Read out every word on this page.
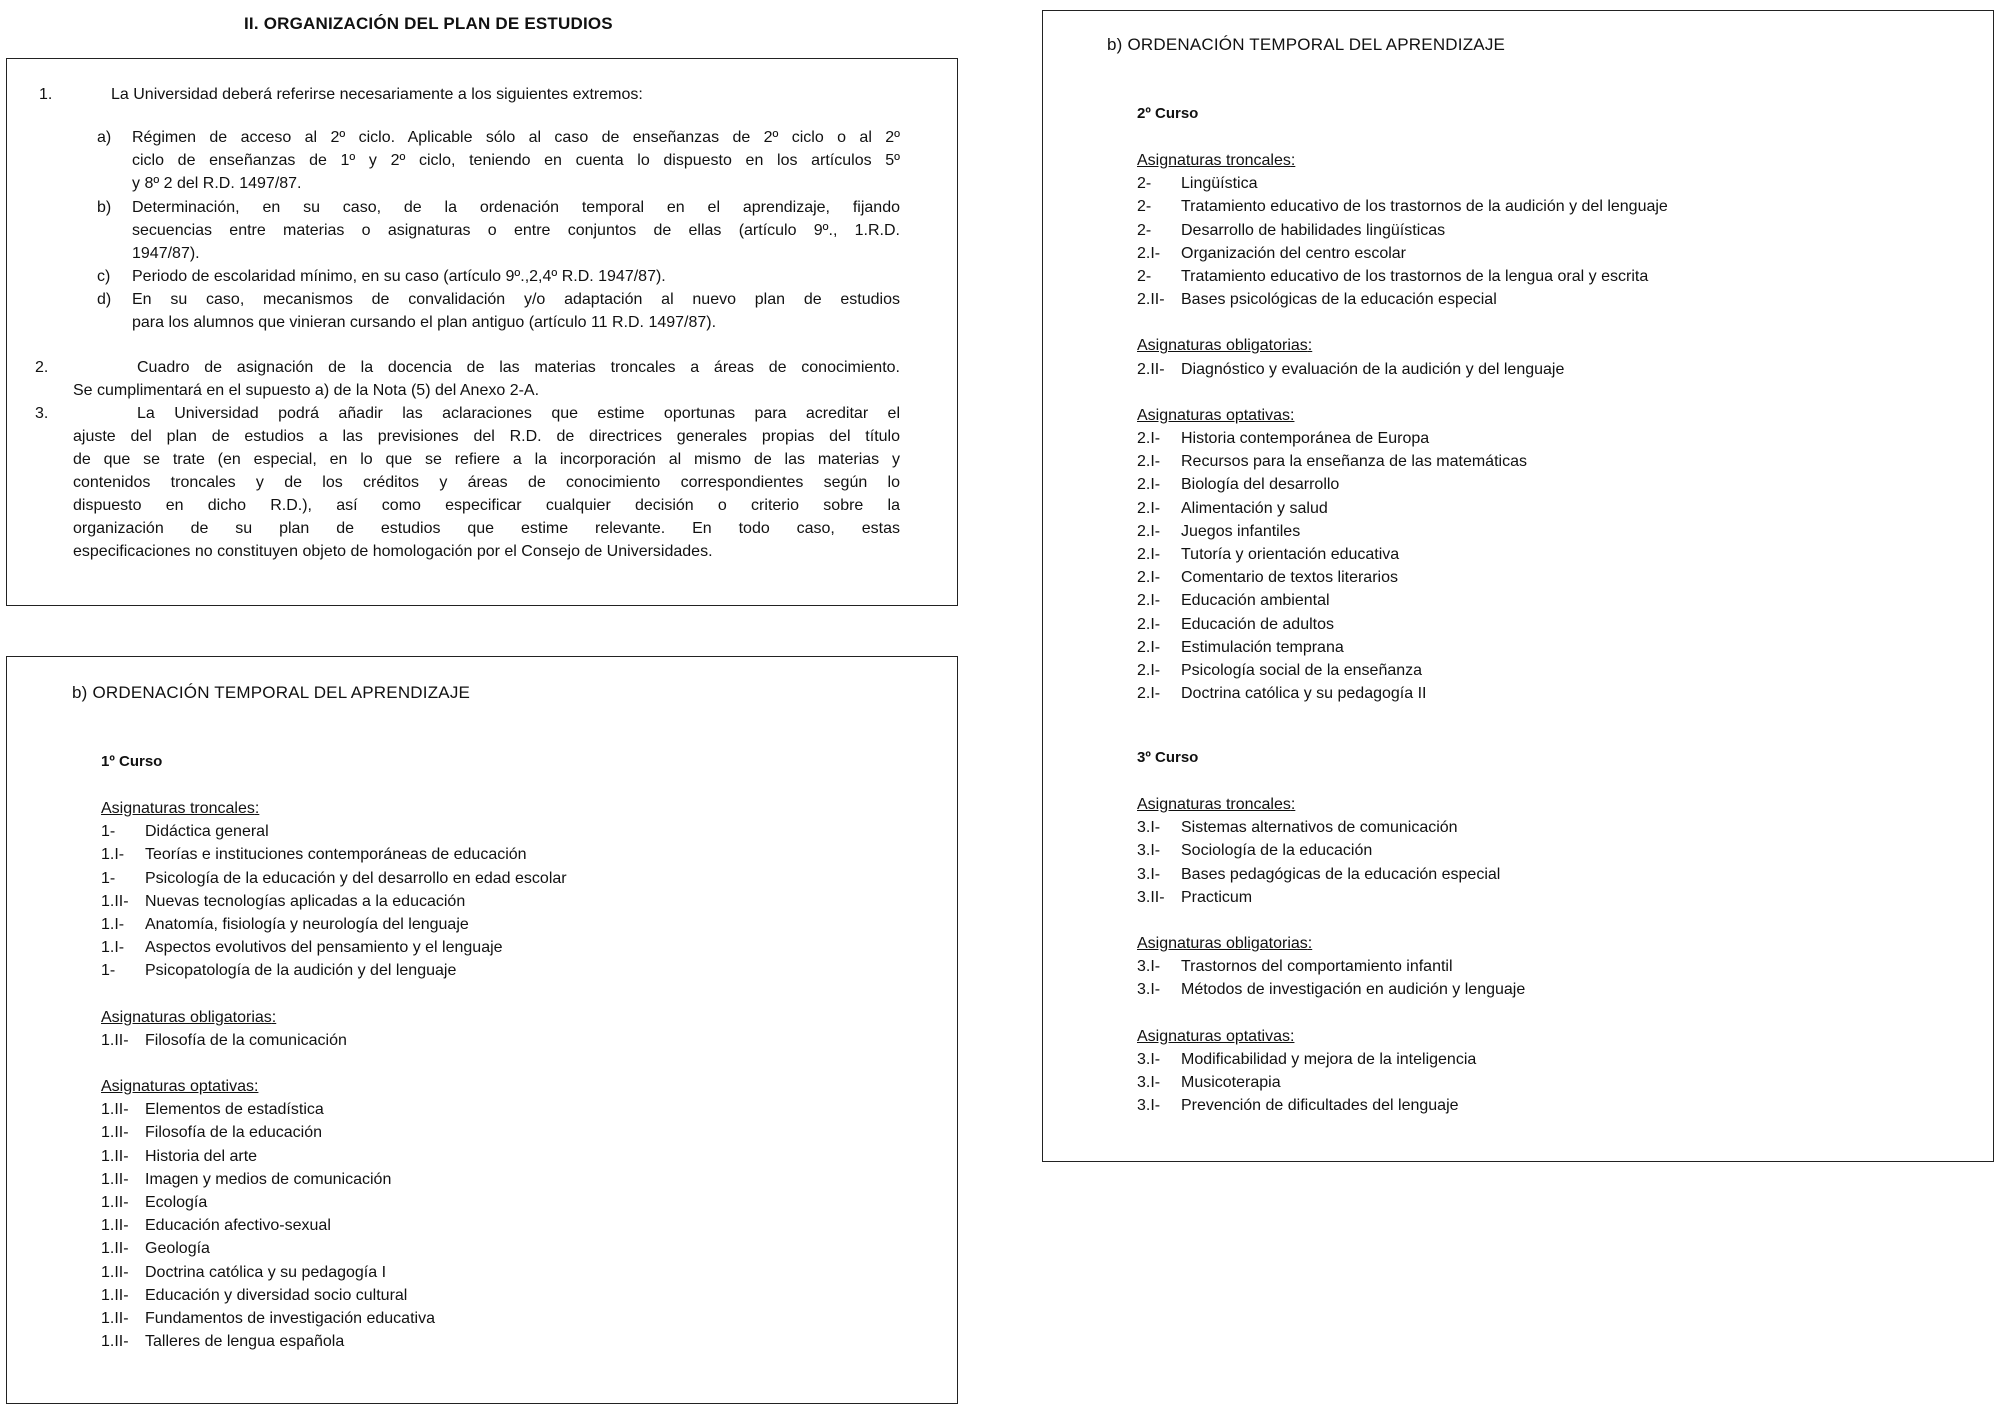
II. ORGANIZACIÓN DEL PLAN DE ESTUDIOS
1.	La Universidad deberá referirse necesariamente a los siguientes extremos:
a) Régimen de acceso al 2º ciclo. Aplicable sólo al caso de enseñanzas de 2º ciclo o al 2º
ciclo de enseñanzas de 1º y 2º ciclo, teniendo en cuenta lo dispuesto en los artículos 5º
y 8º 2 del R.D. 1497/87.
b) Determinación, en su caso, de la ordenación temporal en el aprendizaje, fijando
secuencias entre materias o asignaturas o entre conjuntos de ellas (artículo 9º., 1.R.D.
1947/87).
c) Periodo de escolaridad mínimo, en su caso (artículo 9º.,2,4º R.D. 1947/87).
d) En su caso, mecanismos de convalidación y/o adaptación al nuevo plan de estudios
para los alumnos que vinieran cursando el plan antiguo (artículo 11 R.D. 1497/87).
2.	Cuadro de asignación de la docencia de las materias troncales a áreas de conocimiento.
Se cumplimentará en el supuesto a) de la Nota (5) del Anexo 2-A.
3.	La Universidad podrá añadir las aclaraciones que estime oportunas para acreditar el
ajuste del plan de estudios a las previsiones del R.D. de directrices generales propias del título
de que se trate (en especial, en lo que se refiere a la incorporación al mismo de las materias y
contenidos troncales y de los créditos y áreas de conocimiento correspondientes según lo
dispuesto en dicho R.D.), así como especificar cualquier decisión o criterio sobre la
organización de su plan de estudios que estime relevante. En todo caso, estas
especificaciones no constituyen objeto de homologación por el Consejo de Universidades.
b) ORDENACIÓN TEMPORAL DEL APRENDIZAJE
1º Curso
Asignaturas troncales:
1-	Didáctica general
1.I-	Teorías e instituciones contemporáneas de educación
1-	Psicología de la educación y del desarrollo en edad escolar
1.II-	Nuevas tecnologías aplicadas a la educación
1.I-	Anatomía, fisiología y neurología del lenguaje
1.I-	Aspectos evolutivos del pensamiento y el lenguaje
1-	Psicopatología de la audición y del lenguaje
Asignaturas obligatorias:
1.II-	Filosofía de la comunicación
Asignaturas optativas:
1.II-	Elementos de estadística
1.II-	Filosofía de la educación
1.II-	Historia del arte
1.II-	Imagen y medios de comunicación
1.II-	Ecología
1.II-	Educación afectivo-sexual
1.II-	Geología
1.II-	Doctrina católica y su pedagogía I
1.II-	Educación y diversidad socio cultural
1.II-	Fundamentos de investigación educativa
1.II-	Talleres de lengua española
b) ORDENACIÓN TEMPORAL DEL APRENDIZAJE
2º Curso
Asignaturas troncales:
2-	Lingüística
2-	Tratamiento educativo de los trastornos de la audición y del lenguaje
2-	Desarrollo de habilidades lingüísticas
2.I-	Organización del centro escolar
2-	Tratamiento educativo de los trastornos de la lengua oral y escrita
2.II-	Bases psicológicas de la educación especial
Asignaturas obligatorias:
2.II-	Diagnóstico y evaluación de la audición y del lenguaje
Asignaturas optativas:
2.I-	Historia contemporánea de Europa
2.I-	Recursos para la enseñanza de las matemáticas
2.I-	Biología del desarrollo
2.I-	Alimentación y salud
2.I-	Juegos infantiles
2.I-	Tutoría y orientación educativa
2.I-	Comentario de textos literarios
2.I-	Educación ambiental
2.I-	Educación de adultos
2.I-	Estimulación temprana
2.I-	Psicología social de la enseñanza
2.I-	Doctrina católica y su pedagogía II
3º Curso
Asignaturas troncales:
3.I-	Sistemas alternativos de comunicación
3.I-	Sociología de la educación
3.I-	Bases pedagógicas de la educación especial
3.II-	Practicum
Asignaturas obligatorias:
3.I-	Trastornos del comportamiento infantil
3.I-	Métodos de investigación en audición y lenguaje
Asignaturas optativas:
3.I-	Modificabilidad y mejora de la inteligencia
3.I-	Musicoterapia
3.I-	Prevención de dificultades del lenguaje
